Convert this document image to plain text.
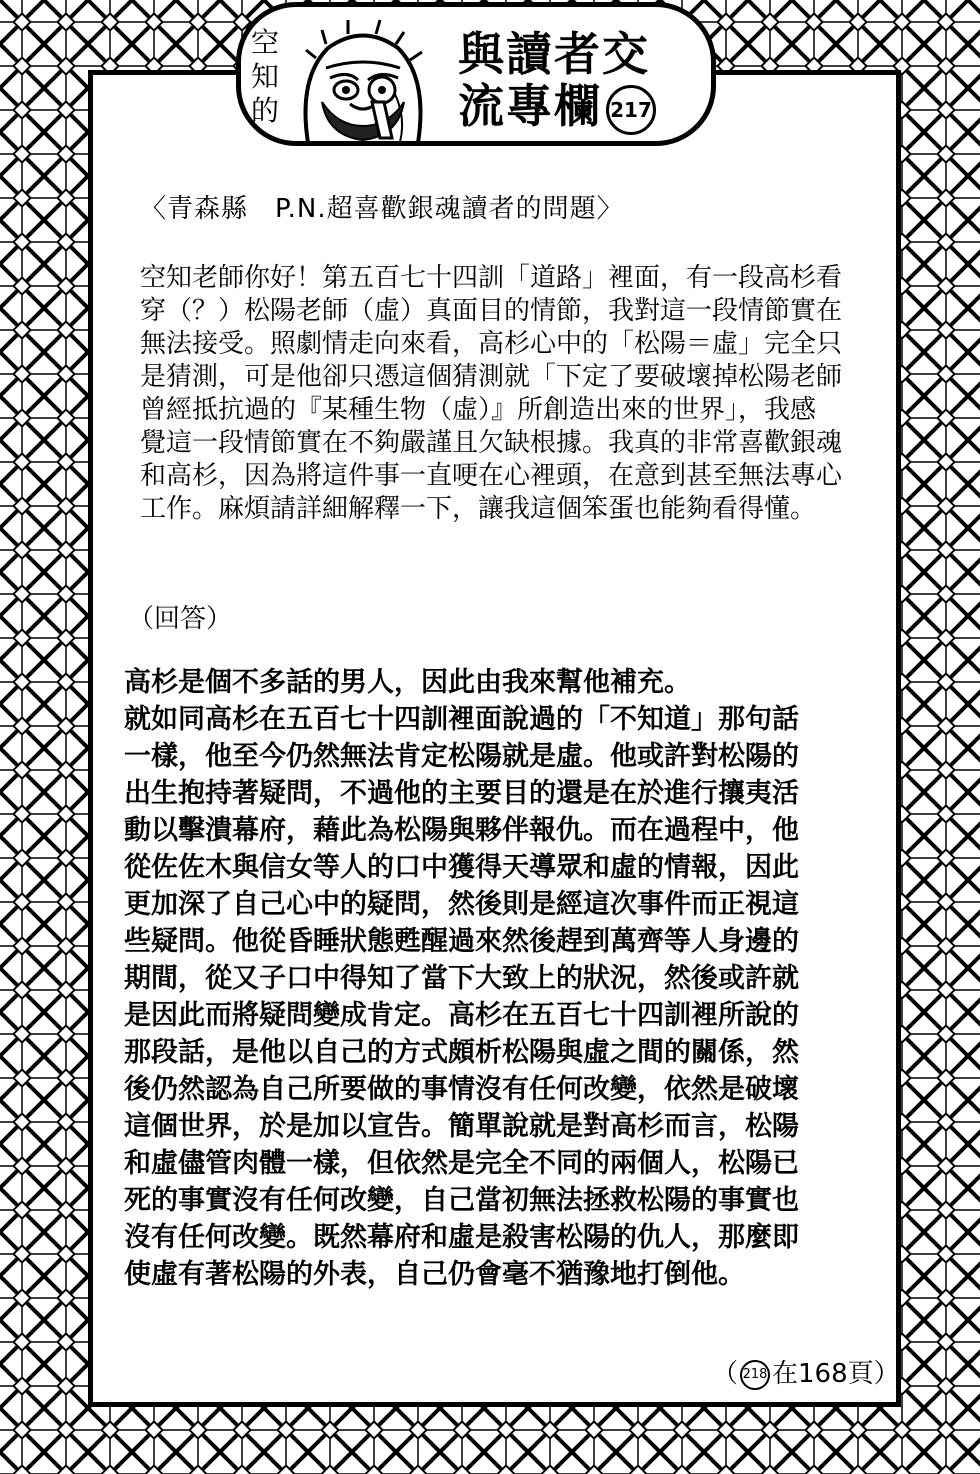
空
知
的
與讀者交
流專欄 217
〈青森縣　P.N.超喜歡銀魂讀者的問題〉

空知老師你好！第五百七十四訓「道路」裡面，有一段高杉看

穿（？）松陽老師（虛）真面目的情節，我對這一段情節實在

無法接受。照劇情走向來看，高杉心中的「松陽＝虛」完全只

是猜測，可是他卻只憑這個猜測就「下定了要破壞掉松陽老師

曾經抵抗過的『某種生物（虛）』所創造出來的世界」，我感

覺這一段情節實在不夠嚴謹且欠缺根據。我真的非常喜歡銀魂

和高杉，因為將這件事一直哽在心裡頭，在意到甚至無法專心

工作。麻煩請詳細解釋一下，讓我這個笨蛋也能夠看得懂。

（回答）

高杉是個不多話的男人，因此由我來幫他補充。

就如同高杉在五百七十四訓裡面說過的「不知道」那句話

一樣，他至今仍然無法肯定松陽就是虛。他或許對松陽的

出生抱持著疑問，不過他的主要目的還是在於進行攘夷活

動以擊潰幕府，藉此為松陽與夥伴報仇。而在過程中，他

從佐佐木與信女等人的口中獲得天導眾和虛的情報，因此

更加深了自己心中的疑問，然後則是經這次事件而正視這

些疑問。他從昏睡狀態甦醒過來然後趕到萬齊等人身邊的

期間，從又子口中得知了當下大致上的狀況，然後或許就

是因此而將疑問變成肯定。高杉在五百七十四訓裡所說的

那段話，是他以自己的方式頗析松陽與虛之間的關係，然

後仍然認為自己所要做的事情沒有任何改變，依然是破壞

這個世界，於是加以宣告。簡單說就是對高杉而言，松陽

和虛儘管肉體一樣，但依然是完全不同的兩個人，松陽已

死的事實沒有任何改變，自己當初無法拯救松陽的事實也

沒有任何改變。既然幕府和虛是殺害松陽的仇人，那麼即

使虛有著松陽的外表，自己仍會毫不猶豫地打倒他。

（ 218 在168頁）
